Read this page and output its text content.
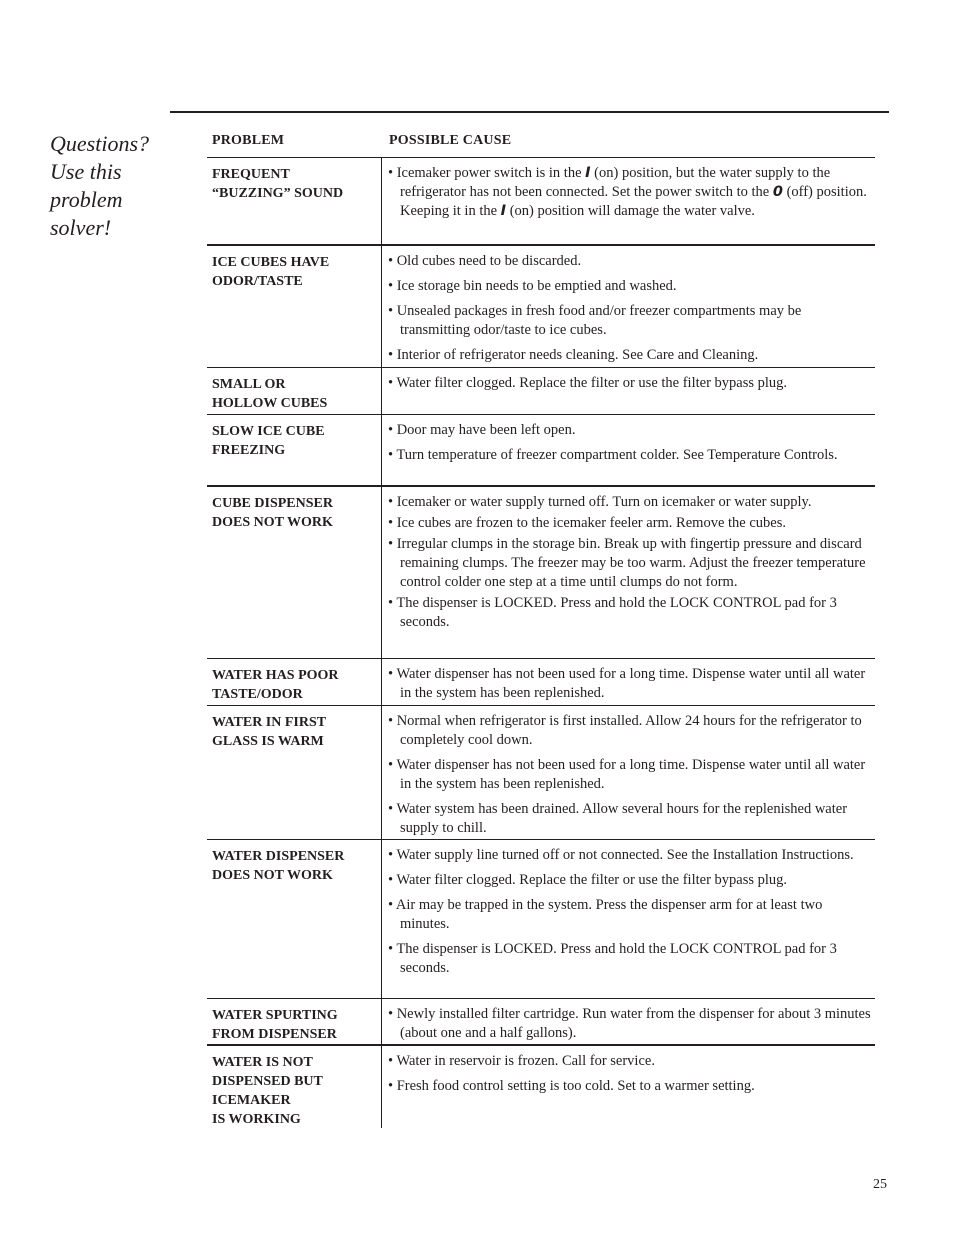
Questions?

Use this

problem

solver!

PROBLEM	POSSIBLE CAUSE
FREQUENT
“BUZZING” SOUND

• Icemaker power switch is in the I (on) position, but the water supply to the refrigerator has not been connected. Set the power switch to the 0 (off) position. Keeping it in the I (on) position will damage the water valve.

ICE CUBES HAVE
ODOR/TASTE

• Old cubes need to be discarded.

• Ice storage bin needs to be emptied and washed.

• Unsealed packages in fresh food and/or freezer compartments may be transmitting odor/taste to ice cubes.

• Interior of refrigerator needs cleaning. See Care and Cleaning.

SMALL OR
HOLLOW CUBES

• Water filter clogged. Replace the filter or use the filter bypass plug.

SLOW ICE CUBE
FREEZING

• Door may have been left open.

• Turn temperature of freezer compartment colder. See Temperature Controls.

CUBE DISPENSER
DOES NOT WORK

• Icemaker or water supply turned off. Turn on icemaker or water supply.

• Ice cubes are frozen to the icemaker feeler arm. Remove the cubes.

• Irregular clumps in the storage bin. Break up with fingertip pressure and discard remaining clumps. The freezer may be too warm. Adjust the freezer temperature control colder one step at a time until clumps do not form.

• The dispenser is LOCKED. Press and hold the LOCK CONTROL pad for 3 seconds.

WATER HAS POOR
TASTE/ODOR

• Water dispenser has not been used for a long time. Dispense water until all water in the system has been replenished.

WATER IN FIRST
GLASS IS WARM

• Normal when refrigerator is first installed. Allow 24 hours for the refrigerator to completely cool down.

• Water dispenser has not been used for a long time. Dispense water until all water in the system has been replenished.

• Water system has been drained. Allow several hours for the replenished water supply to chill.

WATER DISPENSER
DOES NOT WORK

• Water supply line turned off or not connected. See the Installation Instructions.

• Water filter clogged. Replace the filter or use the filter bypass plug.

• Air may be trapped in the system. Press the dispenser arm for at least two minutes.

• The dispenser is LOCKED. Press and hold the LOCK CONTROL pad for 3 seconds.

WATER SPURTING
FROM DISPENSER

• Newly installed filter cartridge. Run water from the dispenser for about 3 minutes (about one and a half gallons).

WATER IS NOT
DISPENSED BUT
ICEMAKER
IS WORKING

• Water in reservoir is frozen. Call for service.

• Fresh food control setting is too cold. Set to a warmer setting.

25
